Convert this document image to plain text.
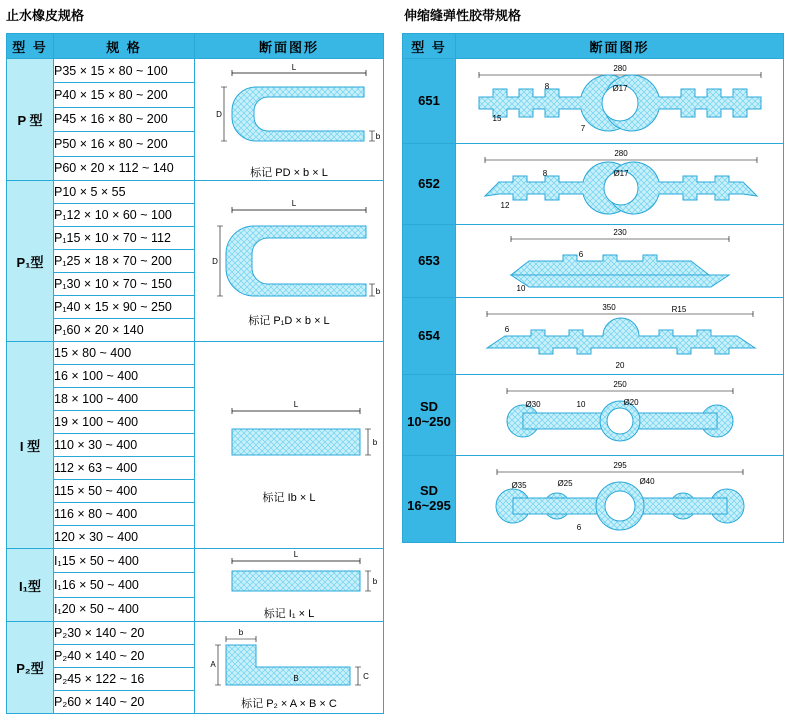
止水橡皮规格	伸缩缝弹性胶带规格
型 号	规 格	断面图形
P 型	P35 × 15 × 80 ~ 100	L
D
b
标记 PD × b × L

	P40 × 15 × 80 ~ 200	
	P45 × 16 × 80 ~ 200	
	P50 × 16 × 80 ~ 200	
	P60 × 20 × 112 ~ 140	
P₁型	P10 × 5 × 55	L
D
b
标记 P₁D × b × L

	P₁12 × 10 × 60 ~ 100	
	P₁15 × 10 × 70 ~ 112	
	P₁25 × 18 × 70 ~ 200	
	P₁30 × 10 × 70 ~ 150	
	P₁40 × 15 × 90 ~ 250	
	P₁60 × 20 × 140	
I 型	15 × 80 ~ 400	L
b
标记 Ib × L

	16 × 100 ~ 400	
	18 × 100 ~ 400	
	19 × 100 ~ 400	
	110 × 30 ~ 400	
	112 × 63 ~ 400	
	115 × 50 ~ 400	
	116 × 80 ~ 400	
	120 × 30 ~ 400	
I₁型	I₁15 × 50 ~ 400	L
b
标记 I₁ × L

	I₁16 × 50 ~ 400	
	I₁20 × 50 ~ 400	
P₂型	P₂30 × 140 ~ 20	b
A
C
B
标记 P₂ × A × B × C

	P₂40 × 140 ~ 20	
	P₂45 × 122 ~ 16	
	P₂60 × 140 ~ 20	
型 号	断面图形
651	280
Ø17
15
8
7

652	280
Ø17
12
8

653	230
10
6

654	350 R15
6
20

SD
10~250	250
Ø30 10 Ø20

SD
16~295	295
Ø35 Ø25 Ø40
6
